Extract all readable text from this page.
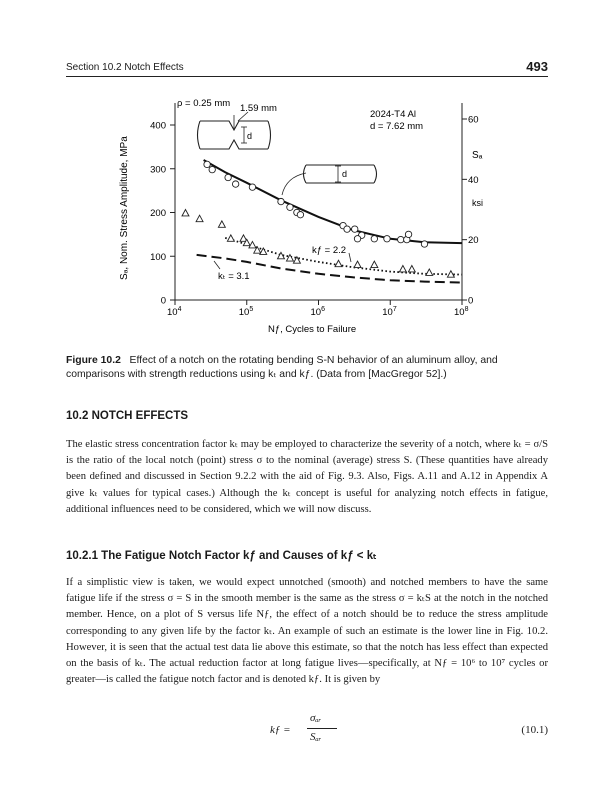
Section 10.2 Notch Effects	493
Sₐ, Nom. Stress Amplitude, MPa
Nƒ, Cycles to Failure
Sₐ
ksi
0
100
200
300
400
0
20
40
60
$10^4$	$10^5$	$10^6$	$10^7$	$10^8$
ρ = 0.25 mm 1.59 mm
2024-T4 Al
d = 7.62 mm
d
d
kƒ = 2.2
kₜ = 3.1
Figure 10.2 Effect of a notch on the rotating bending S-N behavior of an aluminum alloy, and comparisons with strength reductions using kₜ and kƒ. (Data from [MacGregor 52].)
10.2 NOTCH EFFECTS
The elastic stress concentration factor kₜ may be employed to characterize the severity of a notch, where kₜ = σ/S is the ratio of the local notch (point) stress σ to the nominal (average) stress S. (These quantities have already been defined and discussed in Section 9.2.2 with the aid of Fig. 9.3. Also, Figs. A.11 and A.12 in Appendix A give kₜ values for typical cases.) Although the kₜ concept is useful for analyzing notch effects in fatigue, additional influences need to be considered, which we will now discuss.
10.2.1 The Fatigue Notch Factor kƒ and Causes of kƒ < kₜ
If a simplistic view is taken, we would expect unnotched (smooth) and notched members to have the same fatigue life if the stress σ = S in the smooth member is the same as the stress σ = kₜS at the notch in the notched member. Hence, on a plot of S versus life Nƒ, the effect of a notch should be to reduce the stress amplitude corresponding to any given life by the factor kₜ. An example of such an estimate is the lower line in Fig. 10.2. However, it is seen that the actual test data lie above this estimate, so that the notch has less effect than expected on the basis of kₜ. The actual reduction factor at long fatigue lives—specifically, at Nƒ = 10⁶ to 10⁷ cycles or greater—is called the fatigue notch factor and is denoted kƒ. It is given by
kƒ =
σₐᵣ
Sₐᵣ
(10.1)
